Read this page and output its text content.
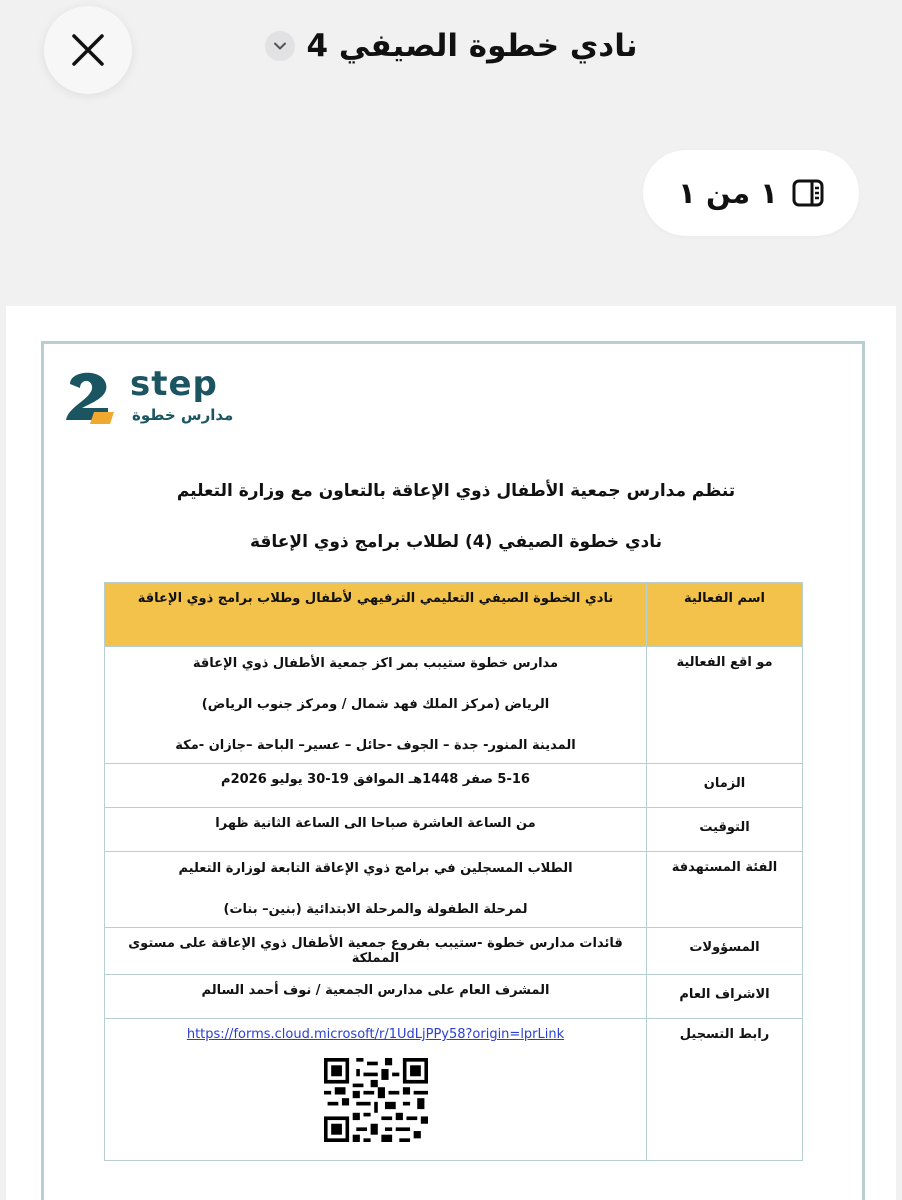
نادي خطوة الصيفي 4
١ من ١
step
مدارس خطوة
تنظم مدارس جمعية الأطفال ذوي الإعاقة بالتعاون مع وزارة التعليم
نادي خطوة الصيفي (4) لطلاب برامج ذوي الإعاقة
اسم الفعالية	نادي الخطوة الصيفي التعليمي الترفيهي لأطفال وطلاب برامج ذوي الإعاقة
مو اقع الفعالية	مدارس خطوة ستيبب بمر اكز جمعية الأطفال ذوي الإعاقة
الرياض (مركز الملك فهد شمال / ومركز جنوب الرياض)
المدينة المنور- جدة – الجوف -حائل – عسير– الباحة –جازان -مكة

الزمان	5-16 صفر 1448هـ الموافق 19-30 يوليو 2026م
التوقيت	من الساعة العاشرة صباحا الى الساعة الثانية ظهرا
الفئة المستهدفة	الطلاب المسجلين في برامج ذوي الإعاقة التابعة لوزارة التعليم
لمرحلة الطفولة والمرحلة الابتدائية (بنين– بنات)

المسؤولات	قائدات مدارس خطوة -ستيبب بفروع جمعية الأطفال ذوي الإعاقة على مستوى المملكة
الاشراف العام	المشرف العام على مدارس الجمعية / نوف أحمد السالم
رابط التسجيل	https://forms.cloud.microsoft/r/1UdLjPPy58?origin=lprLink
